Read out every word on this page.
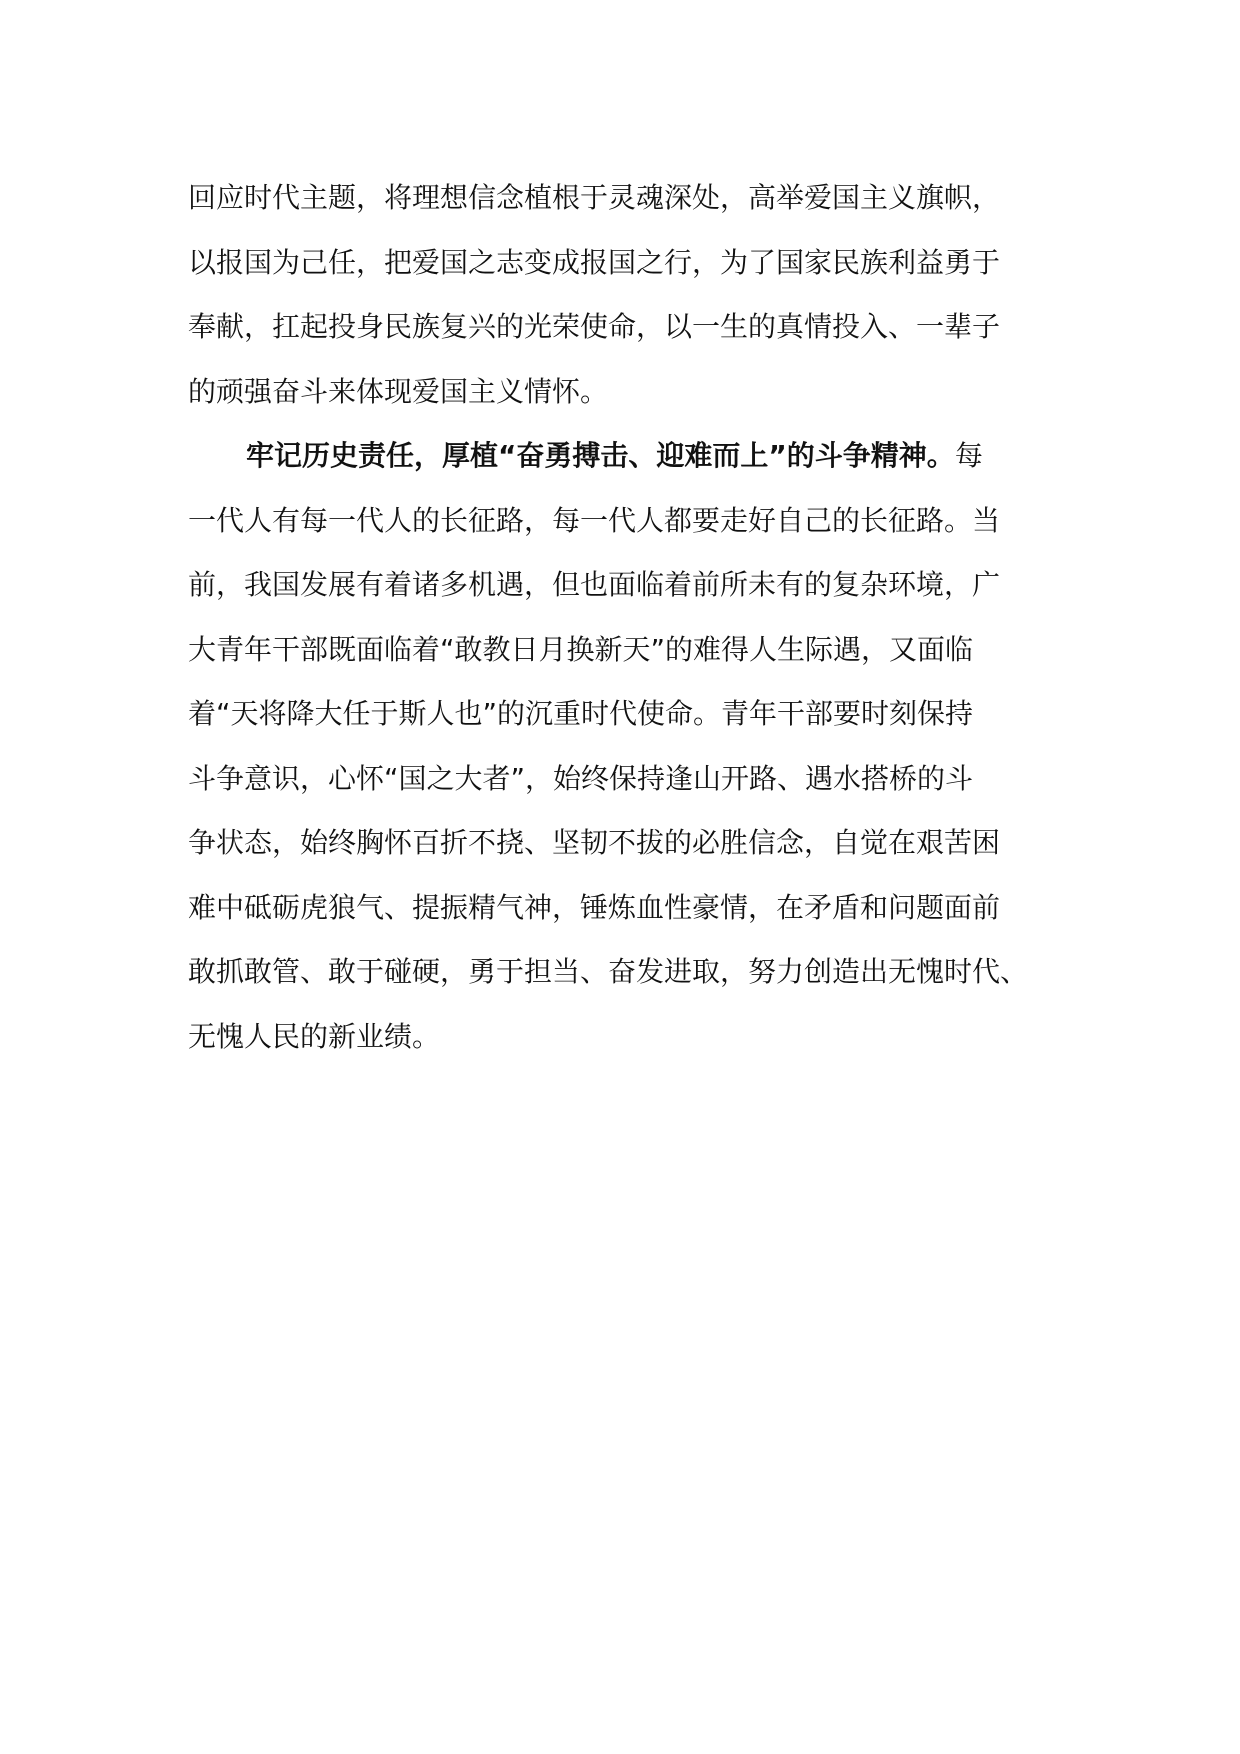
回应时代主题，将理想信念植根于灵魂深处，高举爱国主义旗帜，
以报国为己任，把爱国之志变成报国之行，为了国家民族利益勇于
奉献，扛起投身民族复兴的光荣使命，以一生的真情投入、一辈子
的顽强奋斗来体现爱国主义情怀。
牢记历史责任，厚植“奋勇搏击、迎难而上”的斗争精神。每
一代人有每一代人的长征路，每一代人都要走好自己的长征路。当
前，我国发展有着诸多机遇，但也面临着前所未有的复杂环境，广
大青年干部既面临着“敢教日月换新天”的难得人生际遇，又面临
着“天将降大任于斯人也”的沉重时代使命。青年干部要时刻保持
斗争意识，心怀“国之大者”，始终保持逢山开路、遇水搭桥的斗
争状态，始终胸怀百折不挠、坚韧不拔的必胜信念，自觉在艰苦困
难中砥砺虎狼气、提振精气神，锤炼血性豪情，在矛盾和问题面前
敢抓敢管、敢于碰硬，勇于担当、奋发进取，努力创造出无愧时代、
无愧人民的新业绩。
